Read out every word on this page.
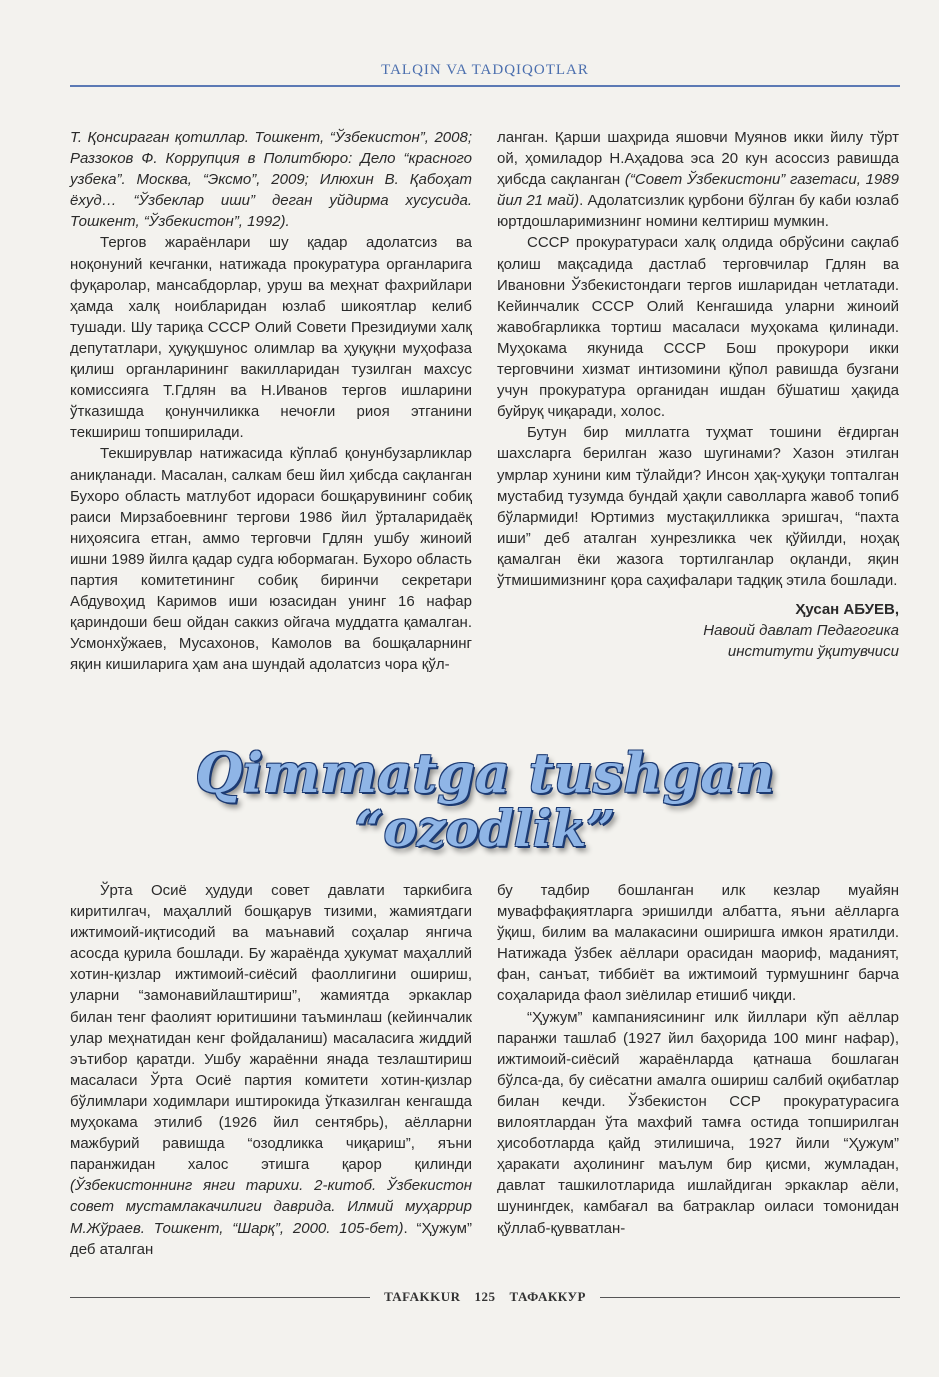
TALQIN VA TADQIQOTLAR

Т. Қонсираган қотиллар. Тошкент, “Ўзбекистон”, 2008; Раззоков Ф. Коррупция в Политбюро: Дело “красного узбека”. Москва, “Эксмо”, 2009; Илюхин В. Қабоҳат ёхуд… “Ўзбеклар иши” деган уйдирма хусусида. Тошкент, “Ўзбекистон”, 1992).

Тергов жараёнлари шу қадар адолатсиз ва ноқонуний кечганки, натижада прокуратура органларига фуқаролар, мансабдорлар, уруш ва меҳнат фахрийлари ҳамда халқ ноибларидан юзлаб шикоятлар келиб тушади. Шу тариқа СССР Олий Совети Президиуми халқ депутатлари, ҳуқуқшунос олимлар ва ҳуқуқни муҳофаза қилиш органларининг вакилларидан тузилган махсус комиссияга Т.Гдлян ва Н.Иванов тергов ишларини ўтказишда қонунчиликка нечоғли риоя этганини текшириш топширилади.

Текширувлар натижасида кўплаб қонунбузарликлар аниқланади. Масалан, салкам беш йил ҳибсда сақланган Бухоро область матлубот идораси бошқарувининг собиқ раиси Мирзабоевнинг тергови 1986 йил ўрталаридаёқ ниҳоясига етган, аммо терговчи Гдлян ушбу жиноий ишни 1989 йилга қадар судга юбормаган. Бухоро область партия комитетининг собиқ биринчи секретари Абдувоҳид Каримов иши юзасидан унинг 16 нафар қариндоши беш ойдан саккиз ойгача муддатга қамалган. Усмонхўжаев, Мусахонов, Камолов ва бошқаларнинг яқин кишиларига ҳам ана шундай адолатсиз чора қўл-

ланган. Қарши шаҳрида яшовчи Муянов икки йилу тўрт ой, ҳомиладор Н.Аҳадова эса 20 кун асоссиз равишда ҳибсда сақланган (“Совет Ўзбекистони” газетаси, 1989 йил 21 май). Адолатсизлик қурбони бўлган бу каби юзлаб юртдошларимизнинг номини келтириш мумкин.

СССР прокуратураси халқ олдида обрўсини сақлаб қолиш мақсадида дастлаб терговчилар Гдлян ва Ивановни Ўзбекистондаги тергов ишларидан четлатади. Кейинчалик СССР Олий Кенгашида уларни жиноий жавобгарликка тортиш масаласи муҳокама қилинади. Муҳокама якунида СССР Бош прокурори икки терговчини хизмат интизомини қўпол равишда бузгани учун прокуратура органидан ишдан бўшатиш ҳақида буйруқ чиқаради, холос.

Бутун бир миллатга туҳмат тошини ёғдирган шахсларга берилган жазо шугинами? Хазон этилган умрлар хунини ким тўлайди? Инсон ҳақ-ҳуқуқи топталган мустабид тузумда бундай ҳақли саволларга жавоб топиб бўлармиди! Юртимиз мустақилликка эришгач, “пахта иши” деб аталган хунрезликка чек қўйилди, ноҳақ қамалган ёки жазога тортилганлар оқланди, яқин ўтмишимизнинг қора саҳифалари тадқиқ этила бошлади.

Ҳусан АБУЕВ,
Навоий давлат Педагогика
институти ўқитувчиси
Qimmatga tushgan
“ozodlik”

Ўрта Осиё ҳудуди совет давлати таркибига киритилгач, маҳаллий бошқарув тизими, жамиятдаги ижтимоий-иқтисодий ва маънавий соҳалар янгича асосда қурила бошлади. Бу жараёнда ҳукумат маҳаллий хотин-қизлар ижтимоий-сиёсий фаоллигини ошириш, уларни “замонавийлаштириш”, жамиятда эркаклар билан тенг фаолият юритишини таъминлаш (кейинчалик улар меҳнатидан кенг фойдаланиш) масаласига жиддий эътибор қаратди. Ушбу жараённи янада тезлаштириш масаласи Ўрта Осиё партия комитети хотин-қизлар бўлимлари ходимлари иштирокида ўтказилган кенгашда муҳокама этилиб (1926 йил сентябрь), аёлларни мажбурий равишда “озодликка чиқариш”, яъни паранжидан халос этишга қарор қилинди (Ўзбекистоннинг янги тарихи. 2-китоб. Ўзбекистон совет мустамлакачилиги даврида. Илмий муҳаррир М.Жўраев. Тошкент, “Шарқ”, 2000. 105-бет). “Ҳужум” деб аталган

бу тадбир бошланган илк кезлар муайян муваффақиятларга эришилди албатта, яъни аёлларга ўқиш, билим ва малакасини оширишга имкон яратилди. Натижада ўзбек аёллари орасидан маориф, маданият, фан, санъат, тиббиёт ва ижтимоий турмушнинг барча соҳаларида фаол зиёлилар етишиб чиқди.

“Ҳужум” кампаниясининг илк йиллари кўп аёллар паранжи ташлаб (1927 йил баҳорида 100 минг нафар), ижтимоий-сиёсий жараёнларда қатнаша бошлаган бўлса-да, бу сиёсатни амалга ошириш салбий оқибатлар билан кечди. Ўзбекистон ССР прокуратурасига вилоятлардан ўта махфий тамға остида топширилган ҳисоботларда қайд этилишича, 1927 йили “Ҳужум” ҳаракати аҳолининг маълум бир қисми, жумладан, давлат ташкилотларида ишлайдиган эркаклар аёли, шунингдек, камбағал ва батраклар оиласи томонидан қўллаб-қувватлан-

TAFAKKUR 125 ТАФАККУР
